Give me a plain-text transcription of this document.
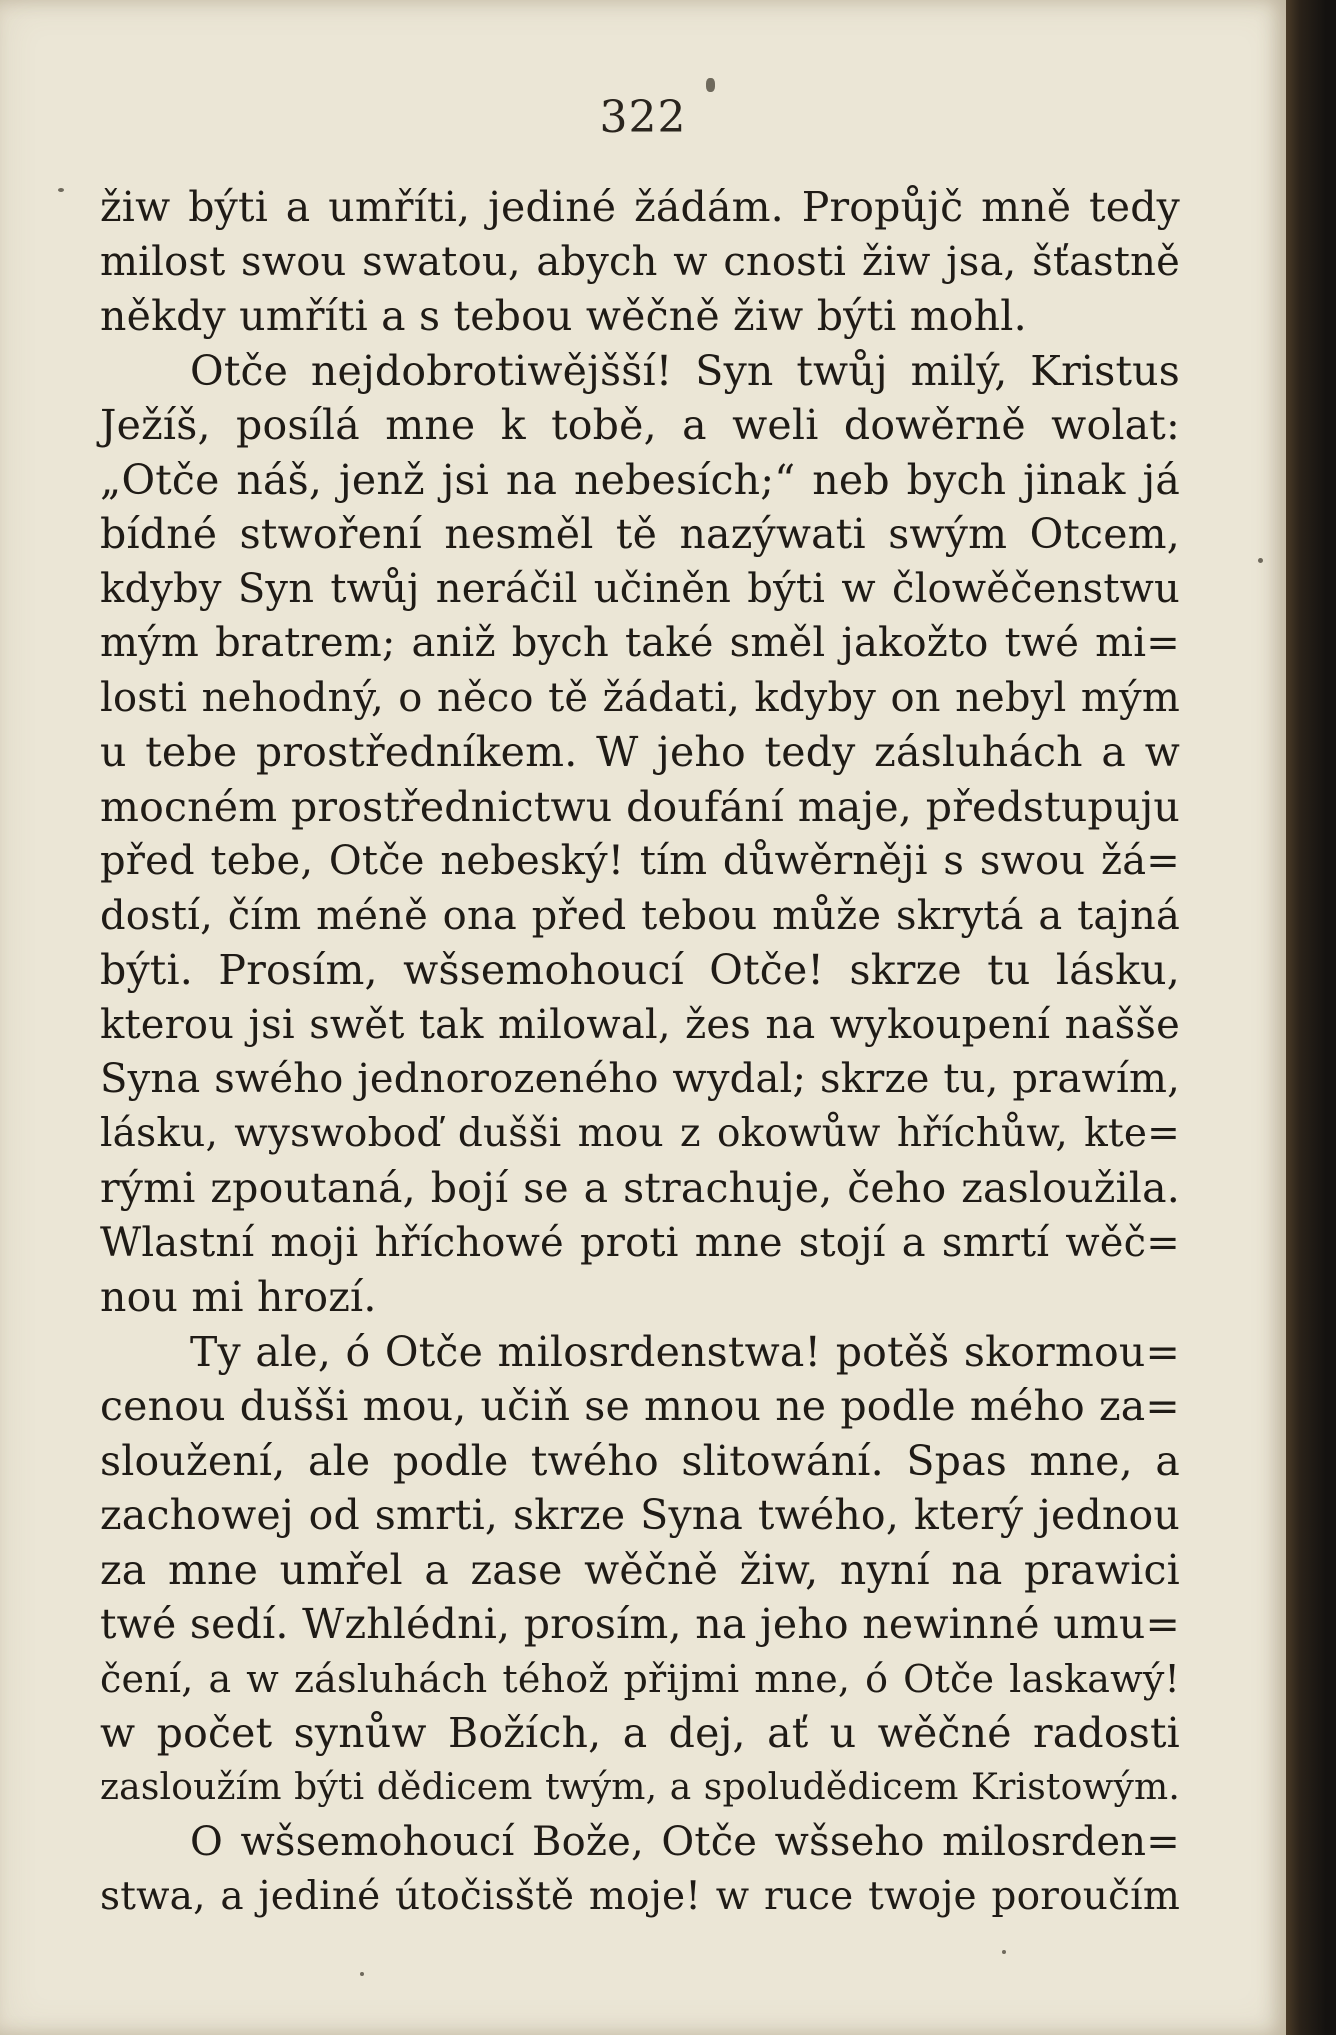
322
žiw býti a umříti, jediné žádám. Propůjč mně tedy
milost swou swatou, abych w cnosti žiw jsa, šťastně
někdy umříti a s tebou wěčně žiw býti mohl.
Otče nejdobrotiwějšší! Syn twůj milý, Kristus
Ježíš, posílá mne k tobě, a weli dowěrně wolat:
„Otče náš, jenž jsi na nebesích;“ neb bych jinak já
bídné stwoření nesměl tě nazýwati swým Otcem,
kdyby Syn twůj neráčil učiněn býti w člowěčenstwu
mým bratrem; aniž bych také směl jakožto twé mi=
losti nehodný, o něco tě žádati, kdyby on nebyl mým
u tebe prostředníkem. W jeho tedy zásluhách a w
mocném prostřednictwu doufání maje, předstupuju
před tebe, Otče nebeský! tím důwěrněji s swou žá=
dostí, čím méně ona před tebou může skrytá a tajná
býti. Prosím, wšsemohoucí Otče! skrze tu lásku,
kterou jsi swět tak milowal, žes na wykoupení našše
Syna swého jednorozeného wydal; skrze tu, prawím,
lásku, wyswoboď dušši mou z okowůw hříchůw, kte=
rými zpoutaná, bojí se a strachuje, čeho zasloužila.
Wlastní moji hříchowé proti mne stojí a smrtí wěč=
nou mi hrozí.
Ty ale, ó Otče milosrdenstwa! potěš skormou=
cenou dušši mou, učiň se mnou ne podle mého za=
sloužení, ale podle twého slitowání. Spas mne, a
zachowej od smrti, skrze Syna twého, který jednou
za mne umřel a zase wěčně žiw, nyní na prawici
twé sedí. Wzhlédni, prosím, na jeho newinné umu=
čení, a w zásluhách téhož přijmi mne, ó Otče laskawý!
w počet synůw Božích, a dej, ať u wěčné radosti
zasloužím býti dědicem twým, a spoludědicem Kristowým.
O wšsemohoucí Bože, Otče wšseho milosrden=
stwa, a jediné útočisště moje! w ruce twoje poroučím
